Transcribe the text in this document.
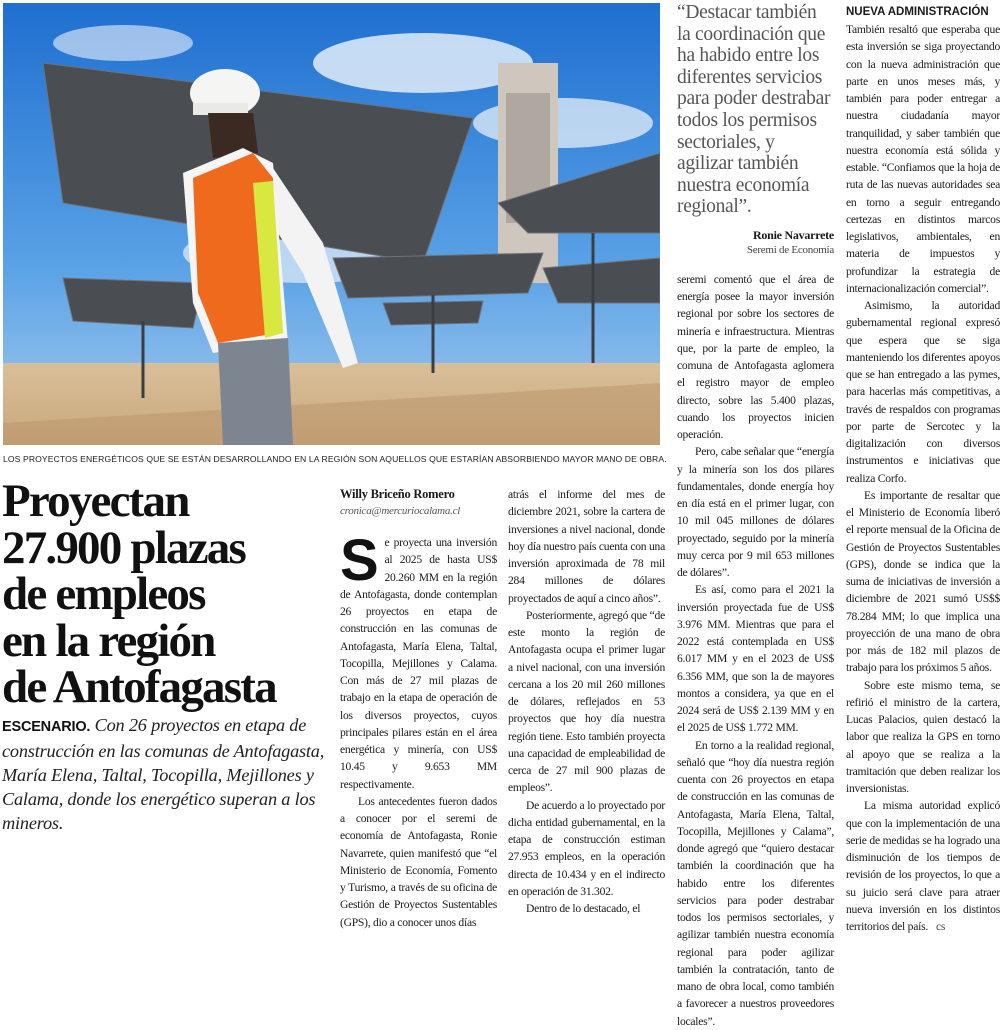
LOS PROYECTOS ENERGÉTICOS QUE SE ESTÁN DESARROLLANDO EN LA REGIÓN SON AQUELLOS QUE ESTARÍAN ABSORBIENDO MAYOR MANO DE OBRA.
Proyectan
27.900 plazas
de empleos
en la región
de Antofagasta
ESCENARIO. Con 26 proyectos en etapa de construcción en las comunas de Antofagasta, María Elena, Taltal, Tocopilla, Mejillones y Calama, donde los energético superan a los mineros.
Willy Briceño Romero
cronica@mercuriocalama.cl

Se proyecta una inversión al 2025 de hasta US$ 20.260 MM en la región de Antofagasta, donde contemplan 26 proyectos en etapa de construcción en las comunas de Antofagasta, María Elena, Taltal, Tocopilla, Mejillones y Calama. Con más de 27 mil plazas de trabajo en la etapa de operación de los diversos proyectos, cuyos principales pilares están en el área energética y minería, con US$ 10.45 y 9.653 MM respectivamente.

Los antecedentes fueron dados a conocer por el seremi de economía de Antofagasta, Ronie Navarrete, quien manifestó que “el Ministerio de Economía, Fomento y Turismo, a través de su oficina de Gestión de Proyectos Sustentables (GPS), dio a conocer unos días

atrás el informe del mes de diciembre 2021, sobre la cartera de inversiones a nivel nacional, donde hoy día nuestro país cuenta con una inversión aproximada de 78 mil 284 millones de dólares proyectados de aquí a cinco años”.

Posteriormente, agregó que “de este monto la región de Antofagasta ocupa el primer lugar a nivel nacional, con una inversión cercana a los 20 mil 260 millones de dólares, reflejados en 53 proyectos que hoy día nuestra región tiene. Esto también proyecta una capacidad de empleabilidad de cerca de 27 mil 900 plazas de empleos”.

De acuerdo a lo proyectado por dicha entidad gubernamental, en la etapa de construcción estiman 27.953 empleos, en la operación directa de 10.434 y en el indirecto en operación de 31.302.

Dentro de lo destacado, el

“Destacar también la coordinación que ha habido entre los diferentes servicios para poder destrabar todos los permisos sectoriales, y agilizar también nuestra economía regional”.
Ronie Navarrete
Seremi de Economía

seremi comentó que el área de energía posee la mayor inversión regional por sobre los sectores de minería e infraestructura. Mientras que, por la parte de empleo, la comuna de Antofagasta aglomera el registro mayor de empleo directo, sobre las 5.400 plazas, cuando los proyectos inicien operación.

Pero, cabe señalar que “energía y la minería son los dos pilares fundamentales, donde energía hoy en día está en el primer lugar, con 10 mil 045 millones de dólares proyectado, seguido por la minería muy cerca por 9 mil 653 millones de dólares”.

Es así, como para el 2021 la inversión proyectada fue de US$ 3.976 MM. Mientras que para el 2022 está contemplada en US$ 6.017 MM y en el 2023 de US$ 6.356 MM, que son la de mayores montos a considera, ya que en el 2024 será de US$ 2.139 MM y en el 2025 de US$ 1.772 MM.

En torno a la realidad regional, señaló que “hoy día nuestra región cuenta con 26 proyectos en etapa de construcción en las comunas de Antofagasta, María Elena, Taltal, Tocopilla, Mejillones y Calama”, donde agregó que “quiero destacar también la coordinación que ha habido entre los diferentes servicios para poder destrabar todos los permisos sectoriales, y agilizar también nuestra economía regional para poder agilizar también la contratación, tanto de mano de obra local, como también a favorecer a nuestros proveedores locales”.

NUEVA ADMINISTRACIÓN

También resaltó que esperaba que esta inversión se siga proyectando con la nueva administración que parte en unos meses más, y también para poder entregar a nuestra ciudadanía mayor tranquilidad, y saber también que nuestra economía está sólida y estable. “Confiamos que la hoja de ruta de las nuevas autoridades sea en torno a seguir entregando certezas en distintos marcos legislativos, ambientales, en materia de impuestos y profundizar la estrategia de internacionalización comercial”.

Asimismo, la autoridad gubernamental regional expresó que espera que se siga manteniendo los diferentes apoyos que se han entregado a las pymes, para hacerlas más competitivas, a través de respaldos con programas por parte de Sercotec y la digitalización con diversos instrumentos e iniciativas que realiza Corfo.

Es importante de resaltar que el Ministerio de Economía liberó el reporte mensual de la Oficina de Gestión de Proyectos Sustentables (GPS), donde se indica que la suma de iniciativas de inversión a diciembre de 2021 sumó US$$ 78.284 MM; lo que implica una proyección de una mano de obra por más de 182 mil plazos de trabajo para los próximos 5 años.

Sobre este mismo tema, se refirió el ministro de la cartera, Lucas Palacios, quien destacó la labor que realiza la GPS en torno al apoyo que se realiza a la tramitación que deben realizar los inversionistas.

La misma autoridad explicó que con la implementación de una serie de medidas se ha logrado una disminución de los tiempos de revisión de los proyectos, lo que a su juicio será clave para atraer nueva inversión en los distintos territorios del país. cs
